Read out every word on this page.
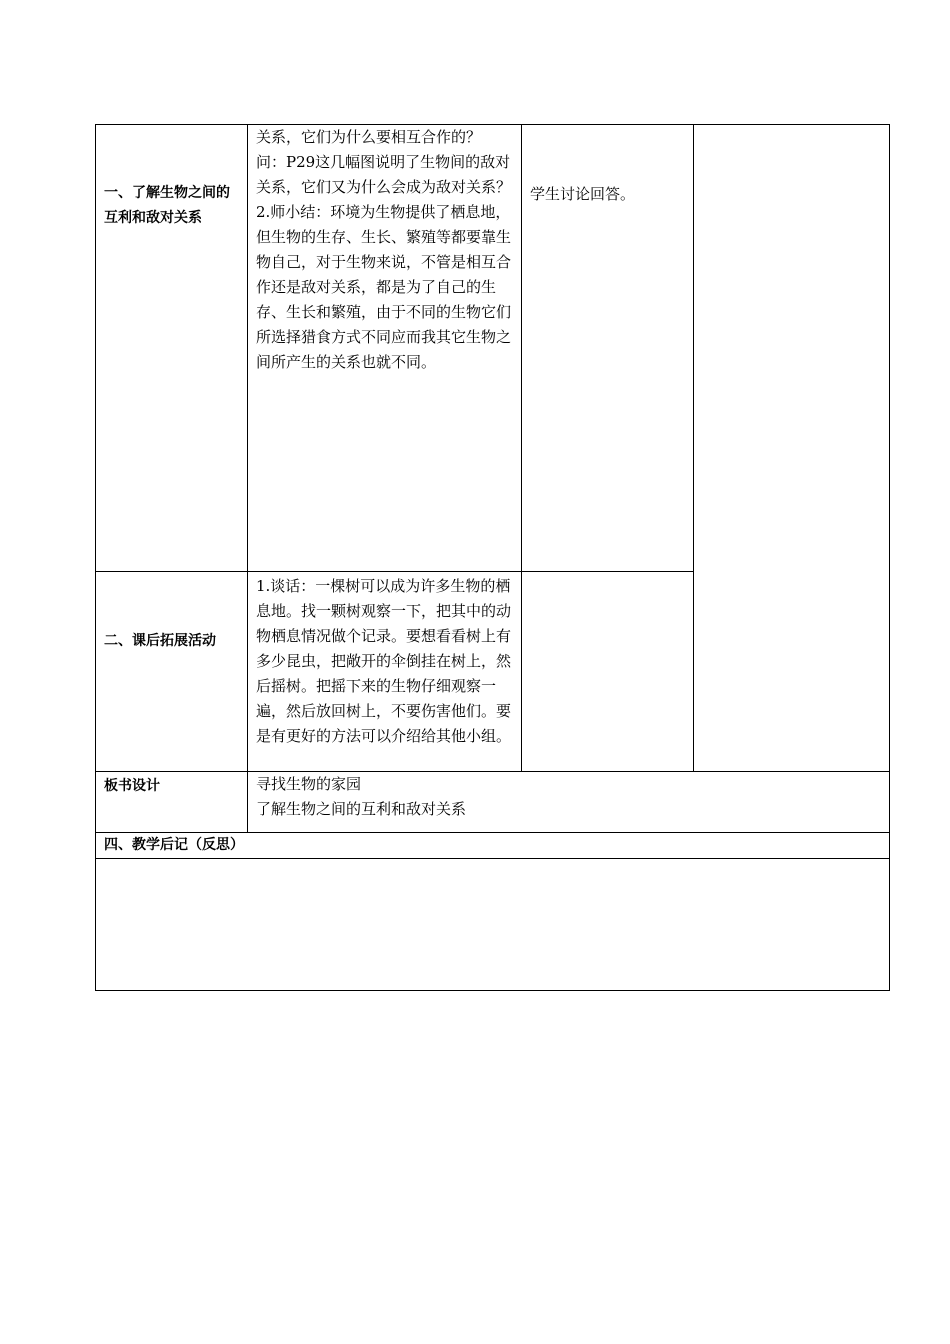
一、了解生物之间的互利和敌对关系

关系，它们为什么要相互合作的？

问：P29这几幅图说明了生物间的敌对关系，它们又为什么会成为敌对关系？

2.师小结：环境为生物提供了栖息地，但生物的生存、生长、繁殖等都要靠生物自己，对于生物来说，不管是相互合作还是敌对关系，都是为了自己的生存、生长和繁殖，由于不同的生物它们所选择猎食方式不同应而我其它生物之间所产生的关系也就不同。

学生讨论回答。
二、课后拓展活动
1.谈话：一棵树可以成为许多生物的栖息地。找一颗树观察一下，把其中的动物栖息情况做个记录。要想看看树上有多少昆虫，把敞开的伞倒挂在树上，然后摇树。把摇下来的生物仔细观察一遍，然后放回树上，不要伤害他们。要是有更好的方法可以介绍给其他小组。
板书设计	寻找生物的家园
了解生物之间的互利和敌对关系
四、教学后记（反思）
